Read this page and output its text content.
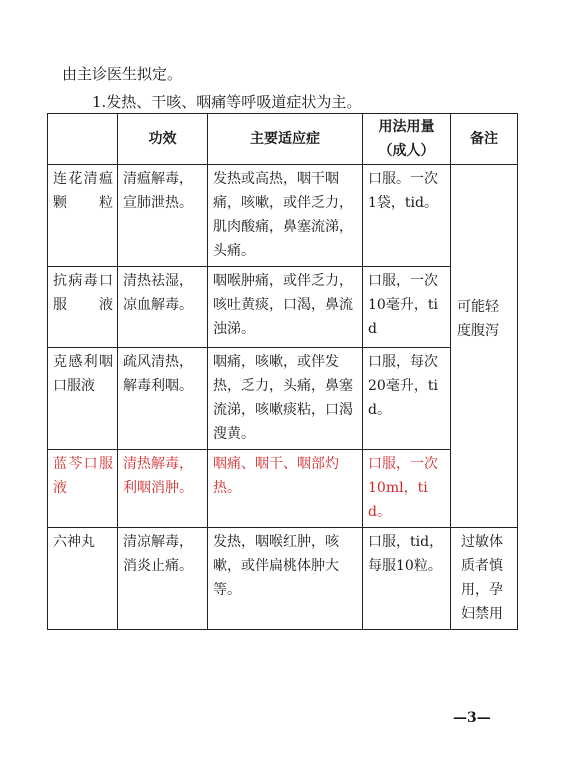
由主诊医生拟定。
1.发热、干咳、咽痛等呼吸道症状为主。
	功效	主要适应症	用法用量（成人）	备注
连花清瘟颗粒	清瘟解毒，宣肺泄热。	发热或高热，咽干咽痛，咳嗽，或伴乏力，肌肉酸痛，鼻塞流涕，头痛。	口服。一次1袋，tid。	可能轻度腹泻

抗病毒口服液	清热祛湿，凉血解毒。	咽喉肿痛，或伴乏力，咳吐黄痰，口渴，鼻流浊涕。	口服，一次10毫升，tid	
克感利咽口服液	疏风清热，解毒利咽。	咽痛，咳嗽，或伴发热，乏力，头痛，鼻塞流涕，咳嗽痰粘，口渴溲黄。	口服，每次20毫升，tid。	
蓝芩口服液	清热解毒，利咽消肿。	咽痛、咽干、咽部灼热。	口服，一次10ml，tid。	
六神丸	清凉解毒，消炎止痛。	发热，咽喉红肿，咳嗽，或伴扁桃体肿大等。	口服，tid，每服10粒。	过敏体质者慎用，孕妇禁用
—3—
